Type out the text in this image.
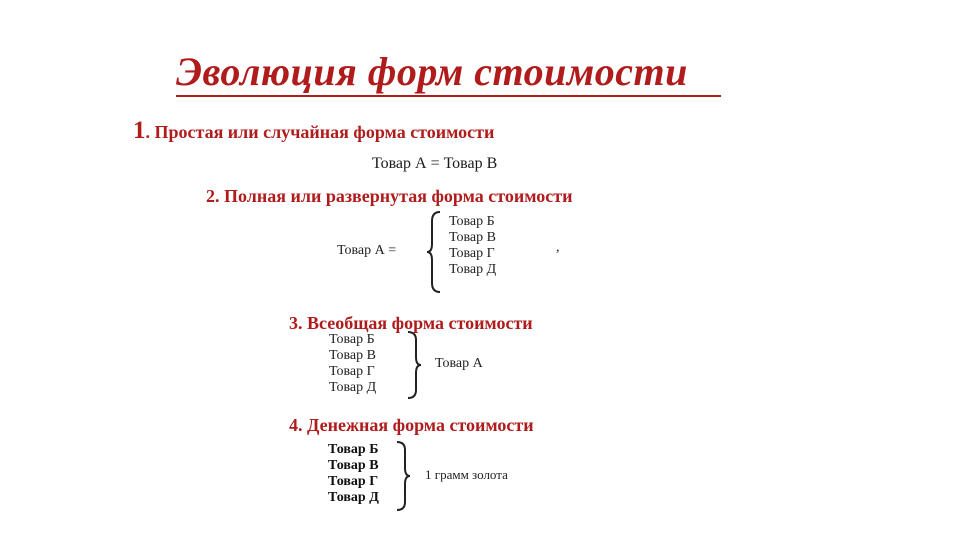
Эволюция форм стоимости
1. Простая или случайная форма стоимости
Товар А = Товар В
2. Полная или развернутая форма стоимости
Товар А =
Товар Б
Товар В
Товар Г
Товар Д
,
3. Всеобщая форма стоимости
Товар Б
Товар В
Товар Г
Товар Д
Товар А
4. Денежная форма стоимости
Товар Б
Товар В
Товар Г
Товар Д
1 грамм золота
